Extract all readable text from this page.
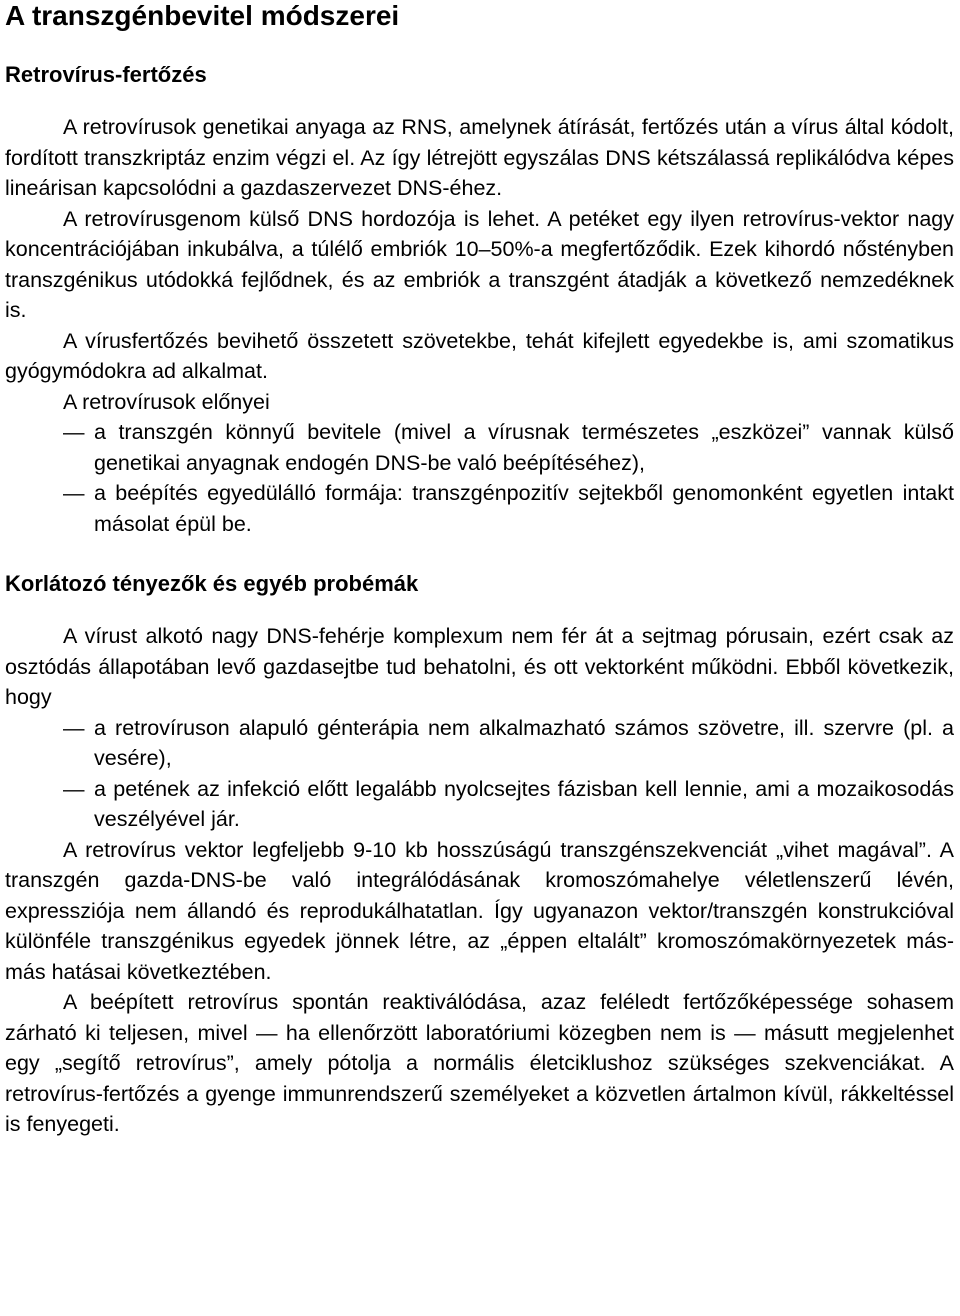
A transzgénbevitel módszerei
Retrovírus-fertőzés

A retrovírusok genetikai anyaga az RNS, amelynek átírását, fertőzés után a vírus által kódolt, fordított transzkriptáz enzim végzi el. Az így létrejött egyszálas DNS kétszálassá replikálódva képes lineárisan kapcsolódni a gazdaszervezet DNS-éhez.

A retrovírusgenom külső DNS hordozója is lehet. A petéket egy ilyen retrovírus-vektor nagy koncentrációjában inkubálva, a túlélő embriók 10–50%-a megfertőződik. Ezek kihordó nőstényben transzgénikus utódokká fejlődnek, és az embriók a transzgént átadják a következő nemzedéknek is.

A vírusfertőzés bevihető összetett szövetekbe, tehát kifejlett egyedekbe is, ami szomatikus gyógymódokra ad alkalmat.

A retrovírusok előnyei

— a transzgén könnyű bevitele (mivel a vírusnak természetes „eszközei” vannak külső genetikai anyagnak endogén DNS-be való beépítéséhez),
— a beépítés egyedülálló formája: transzgénpozitív sejtekből genomonként egyetlen intakt másolat épül be.
Korlátozó tényezők és egyéb probémák

A vírust alkotó nagy DNS-fehérje komplexum nem fér át a sejtmag pórusain, ezért csak az osztódás állapotában levő gazdasejtbe tud behatolni, és ott vektorként működni. Ebből következik, hogy

— a retrovíruson alapuló génterápia nem alkalmazható számos szövetre, ill. szervre (pl. a vesére),
— a petének az infekció előtt legalább nyolcsejtes fázisban kell lennie, ami a mozaikosodás veszélyével jár.

A retrovírus vektor legfeljebb 9-10 kb hosszúságú transzgénszekvenciát „vihet magával”. A transzgén gazda-DNS-be való integrálódásának kromoszómahelye véletlenszerű lévén, expressziója nem állandó és reprodukálhatatlan. Így ugyanazon vektor/transzgén konstrukcióval különféle transzgénikus egyedek jönnek létre, az „éppen eltalált” kromoszómakörnyezetek más-más hatásai következtében.

A beépített retrovírus spontán reaktiválódása, azaz feléledt fertőzőképessége sohasem zárható ki teljesen, mivel — ha ellenőrzött laboratóriumi közegben nem is — másutt megjelenhet egy „segítő retrovírus”, amely pótolja a normális életciklushoz szükséges szekvenciákat. A retrovírus-fertőzés a gyenge immunrendszerű személyeket a közvetlen ártalmon kívül, rákkeltéssel is fenyegeti.
